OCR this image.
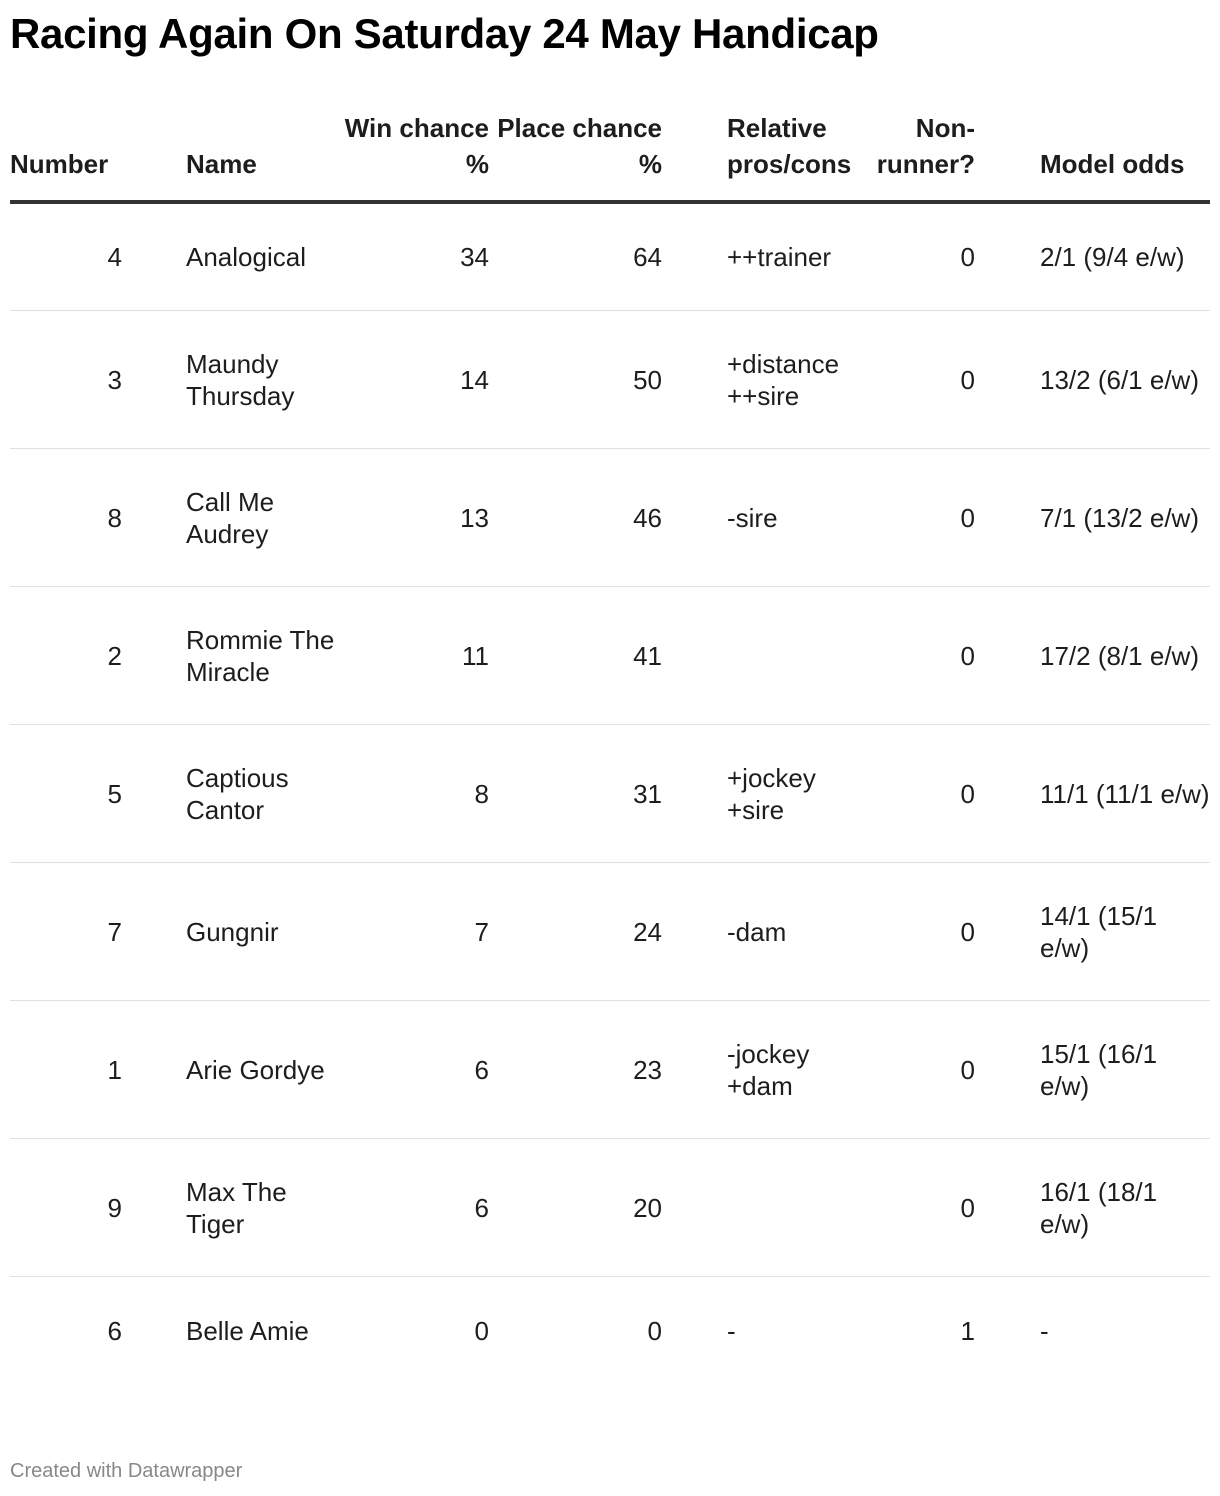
Racing Again On Saturday 24 May Handicap
Number	Name	Win chance %	Place chance %	Relative pros/cons	Non-runner?	Model odds
4	Analogical	34	64	++trainer	0	2/1 (9/4 e/w)
3	Maundy Thursday	14	50	+distance ++sire	0	13/2 (6/1 e/w)
8	Call Me Audrey	13	46	-sire	0	7/1 (13/2 e/w)
2	Rommie The Miracle	11	41		0	17/2 (8/1 e/w)
5	Captious Cantor	8	31	+jockey +sire	0	11/1 (11/1 e/w)
7	Gungnir	7	24	-dam	0	14/1 (15/1 e/w)
1	Arie Gordye	6	23	-jockey +dam	0	15/1 (16/1 e/w)
9	Max The Tiger	6	20		0	16/1 (18/1 e/w)
6	Belle Amie	0	0	-	1	-
Created with Datawrapper
